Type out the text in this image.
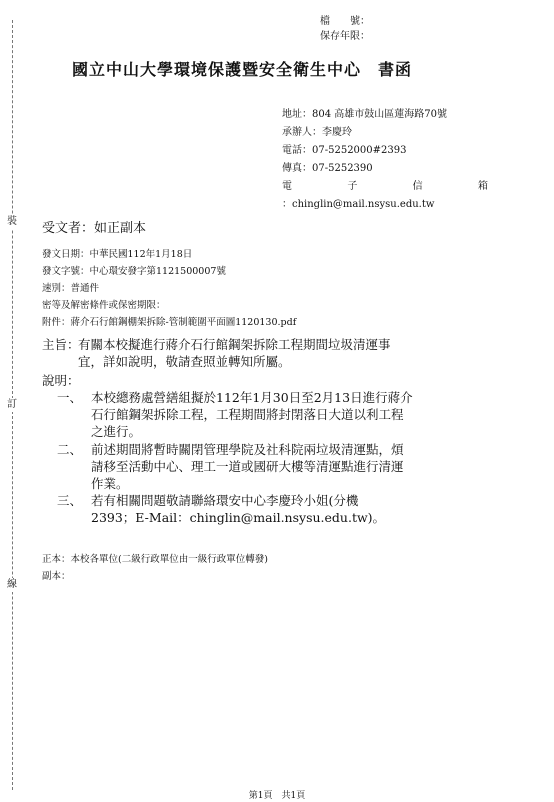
裝
訂
線
檔　　號：
保存年限：
國立中山大學環境保護暨安全衛生中心　書函
地址：804 高雄市鼓山區蓮海路70號
承辦人：李慶玲
電話：07-5252000#2393
傳真：07-5252390
電	子	信	箱
：chinglin@mail.nsysu.edu.tw
受文者：如正副本
發文日期：中華民國112年1月18日
發文字號：中心環安發字第1121500007號
速別：普通件
密等及解密條件或保密期限：
附件：蔣介石行館鋼棚架拆除-管制範圍平面圖1120130.pdf
主旨：
有關本校擬進行蔣介石行館鋼架拆除工程期間垃圾清運事
宜，詳如說明，敬請查照並轉知所屬。
說明：
一、 本校總務處營繕組擬於112年1月30日至2月13日進行蔣介
石行館鋼架拆除工程，工程期間將封閉落日大道以利工程
之進行。
二、 前述期間將暫時關閉管理學院及社科院兩垃圾清運點，煩
請移至活動中心、理工一道或國研大樓等清運點進行清運
作業。
三、 若有相關問題敬請聯絡環安中心李慶玲小姐(分機
2393；E-Mail：chinglin@mail.nsysu.edu.tw)。
正本：本校各單位(二級行政單位由一級行政單位轉發)
副本：
第1頁　共1頁
